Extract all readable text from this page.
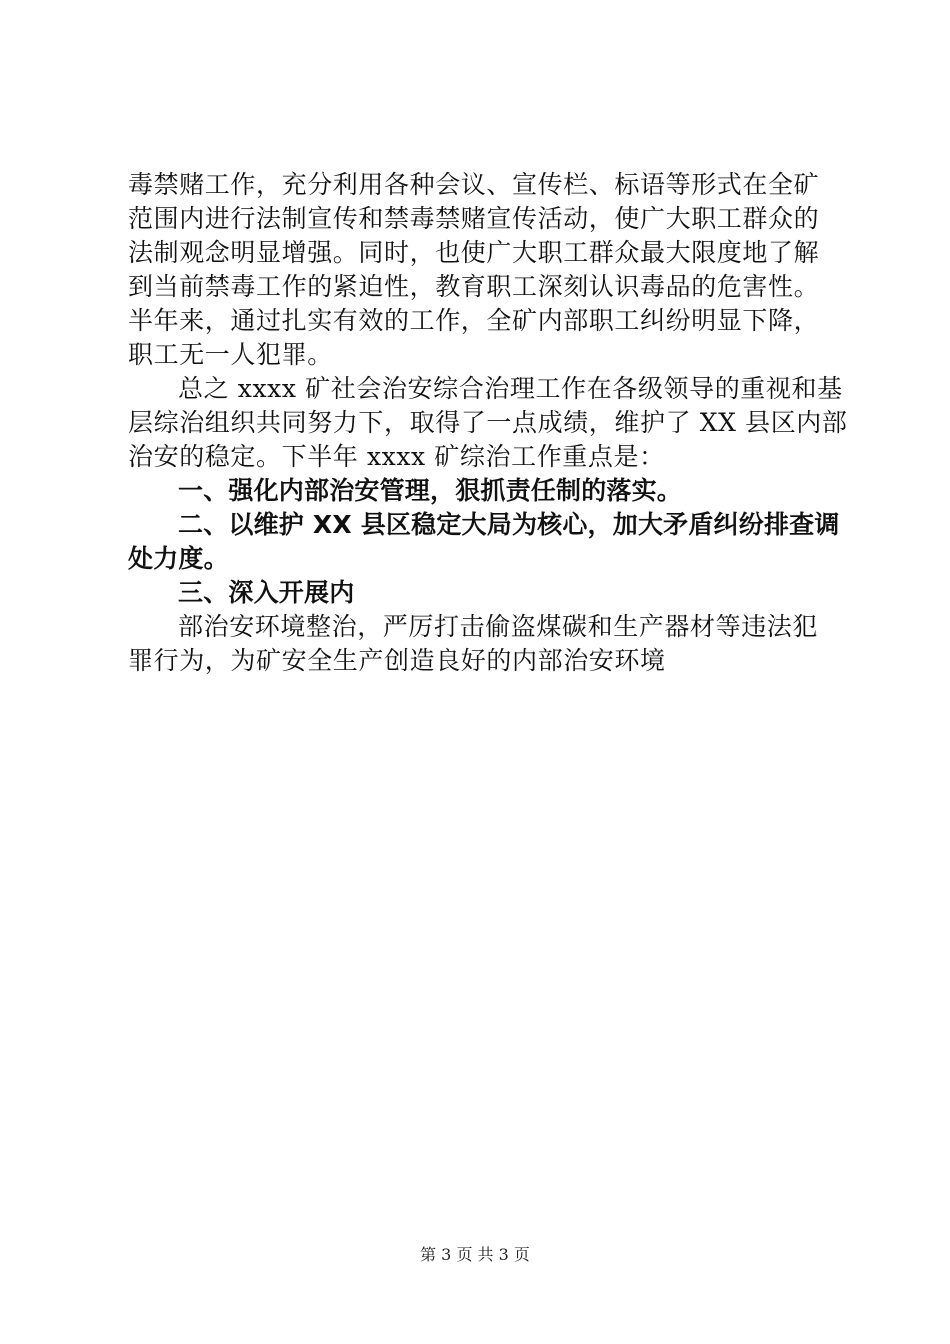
毒禁赌工作，充分利用各种会议、宣传栏、标语等形式在全矿
范围内进行法制宣传和禁毒禁赌宣传活动，使广大职工群众的
法制观念明显增强。同时，也使广大职工群众最大限度地了解
到当前禁毒工作的紧迫性，教育职工深刻认识毒品的危害性。
半年来，通过扎实有效的工作，全矿内部职工纠纷明显下降，
职工无一人犯罪。
总之 xxxx 矿社会治安综合治理工作在各级领导的重视和基
层综治组织共同努力下，取得了一点成绩，维护了 XX 县区内部
治安的稳定。下半年 xxxx 矿综治工作重点是：
一、强化内部治安管理，狠抓责任制的落实。
二、以维护 XX 县区稳定大局为核心，加大矛盾纠纷排查调
处力度。
三、深入开展内
部治安环境整治，严厉打击偷盗煤碳和生产器材等违法犯
罪行为，为矿安全生产创造良好的内部治安环境
第 3 页 共 3 页
